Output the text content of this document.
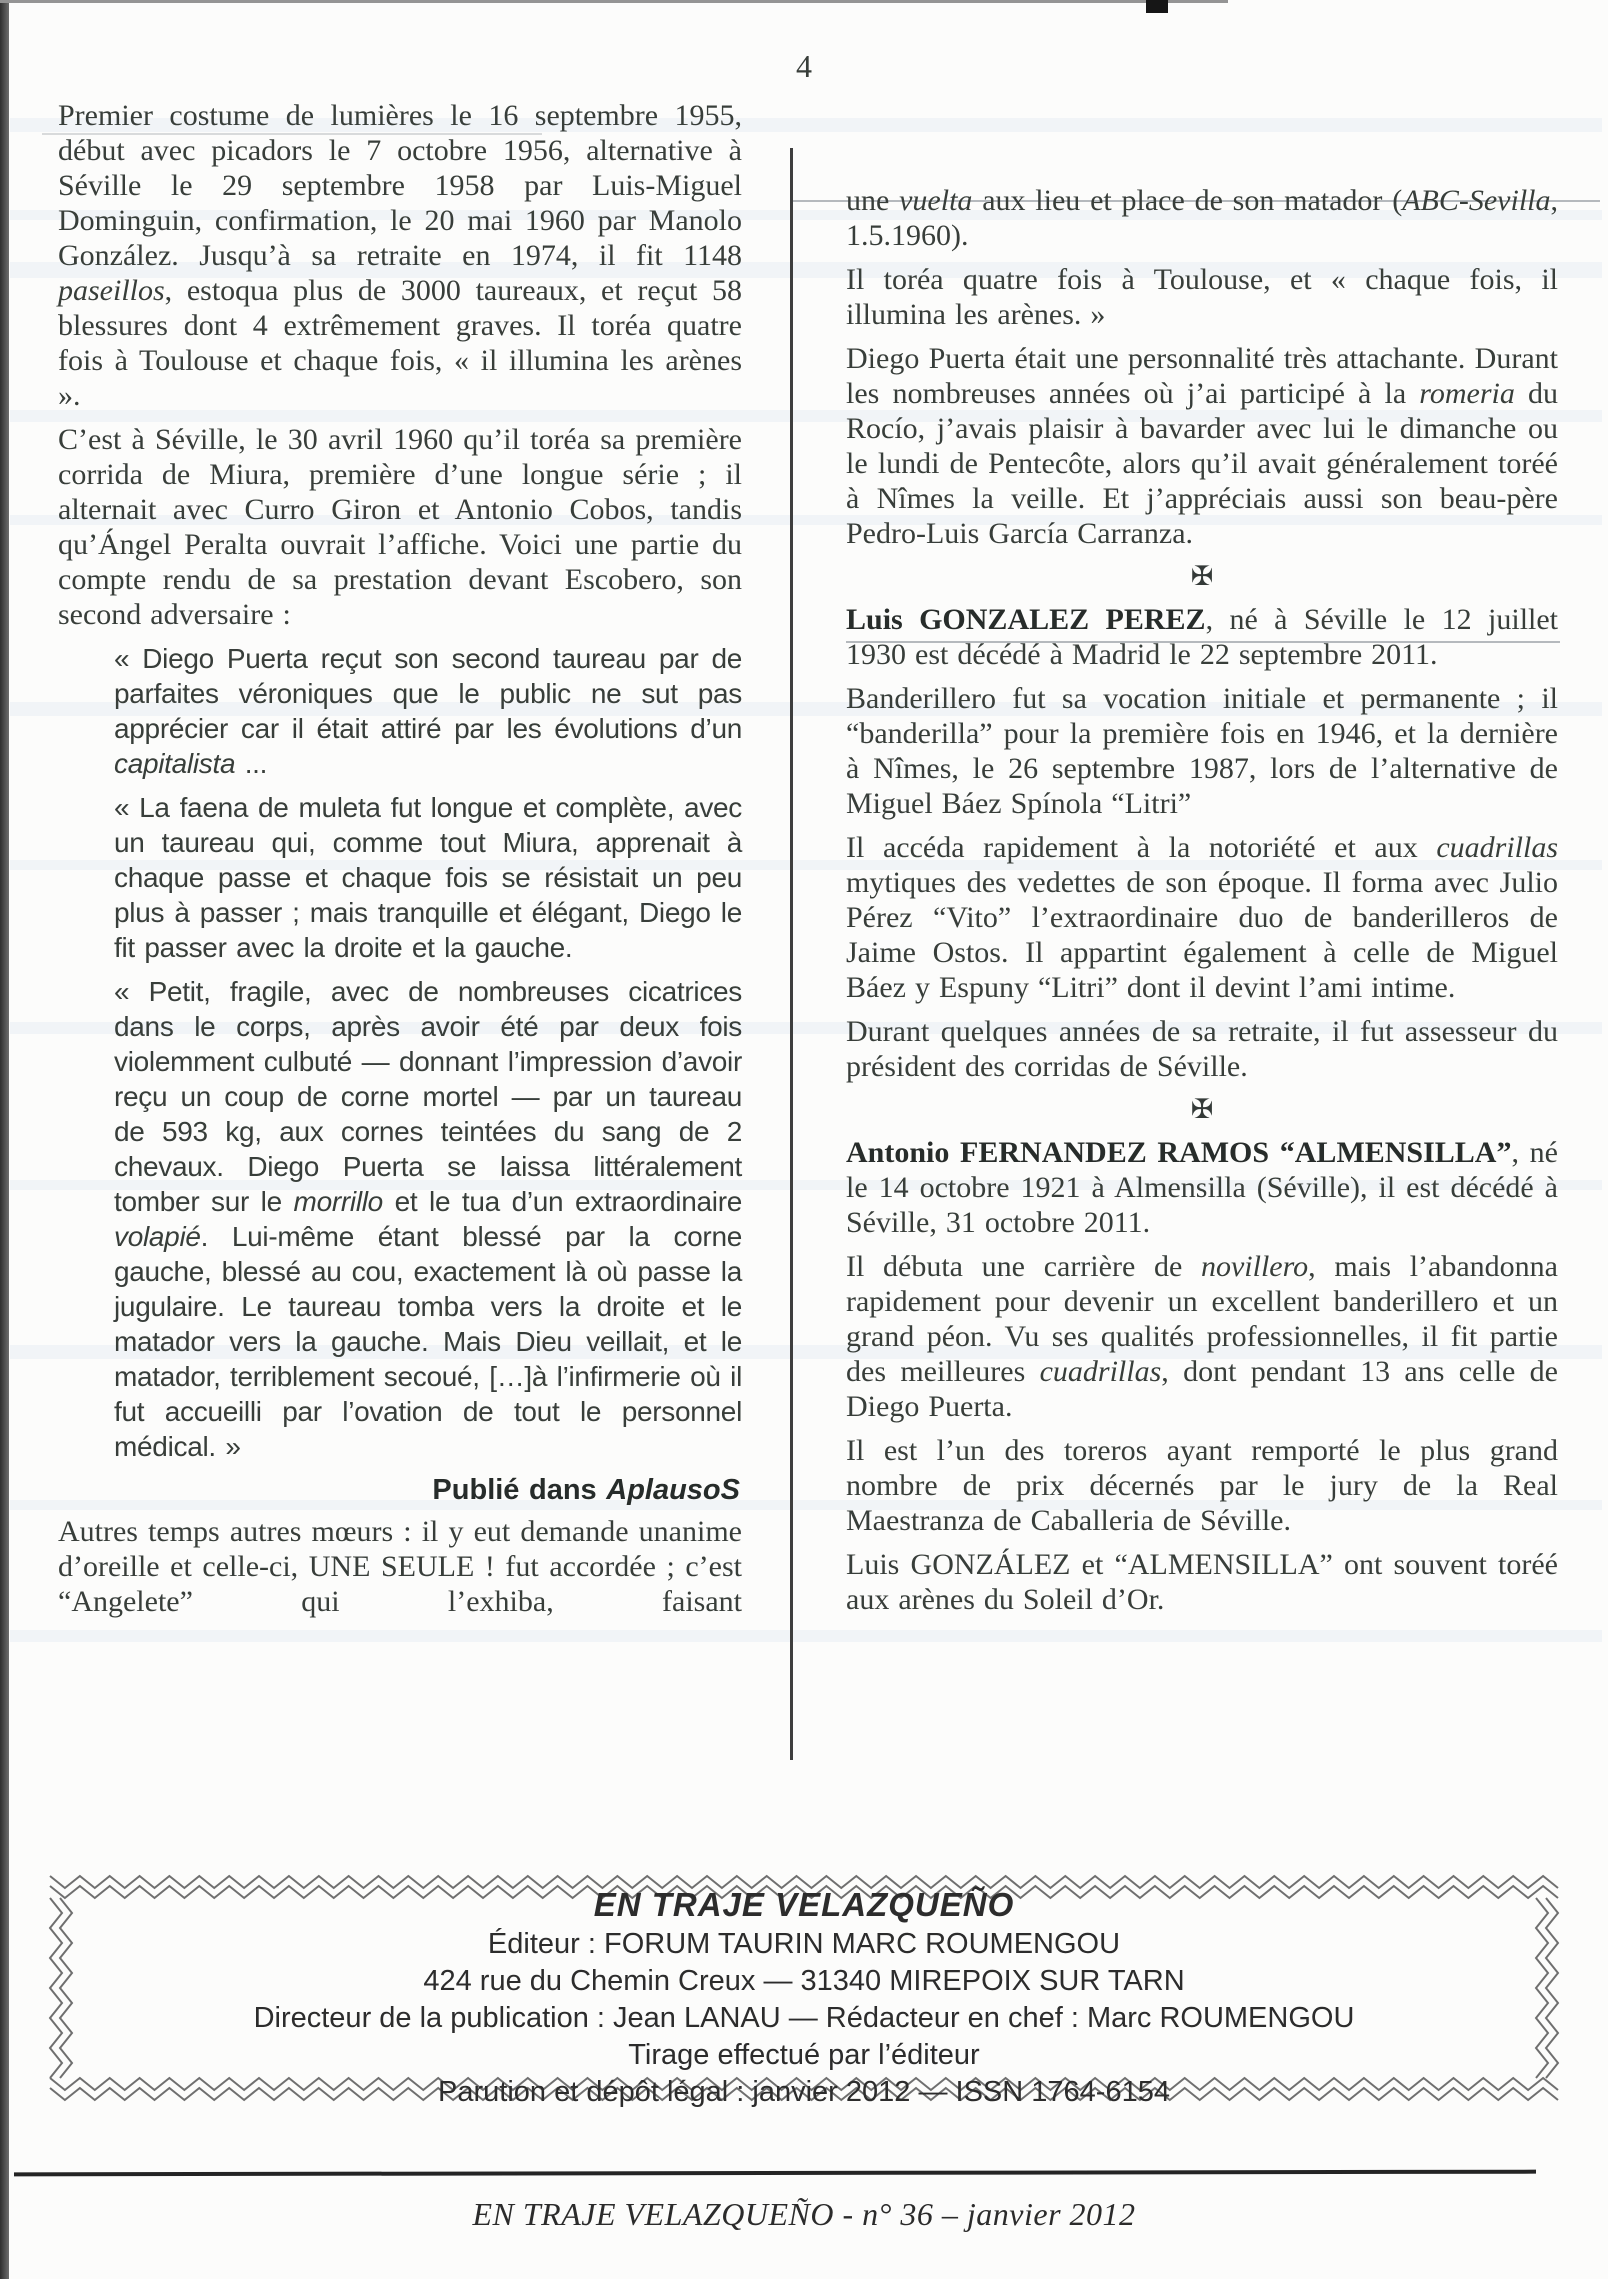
4

Premier costume de lumières le 16 septembre 1955, début avec picadors le 7 octobre 1956, alternative à Séville le 29 septembre 1958 par Luis-Miguel Dominguin, confirmation, le 20 mai 1960 par Manolo González. Jusqu’à sa retraite en 1974, il fit 1148 paseillos, estoqua plus de 3000 taureaux, et reçut 58 blessures dont 4 extrêmement graves. Il toréa quatre fois à Toulouse et chaque fois, « il illumina les arènes ».

C’est à Séville, le 30 avril 1960 qu’il toréa sa première corrida de Miura, première d’une longue série ; il alternait avec Curro Giron et Antonio Cobos, tandis qu’Ángel Peralta ouvrait l’affiche. Voici une partie du compte rendu de sa prestation devant Escobero, son second adversaire :

« Diego Puerta reçut son second taureau par de parfaites véroniques que le public ne sut pas apprécier car il était attiré par les évolutions d’un capitalista ...

« La faena de muleta fut longue et complète, avec un taureau qui, comme tout Miura, apprenait à chaque passe et chaque fois se résistait un peu plus à passer ; mais tranquille et élégant, Diego le fit passer avec la droite et la gauche.

« Petit, fragile, avec de nombreuses cicatrices dans le corps, après avoir été par deux fois violemment culbuté — donnant l’impression d’avoir reçu un coup de corne mortel — par un taureau de 593 kg, aux cornes teintées du sang de 2 chevaux. Diego Puerta se laissa littéralement tomber sur le morrillo et le tua d’un extraordinaire volapié. Lui-même étant blessé par la corne gauche, blessé au cou, exactement là où passe la jugulaire. Le taureau tomba vers la droite et le matador vers la gauche. Mais Dieu veillait, et le matador, terriblement secoué, […]à l’infirmerie où il fut accueilli par l’ovation de tout le personnel médical. »

Publié dans AplausoS

Autres temps autres mœurs : il y eut demande unanime d’oreille et celle-ci, UNE SEULE ! fut accordée ; c’est “Angelete” qui l’exhiba, faisant

une vuelta aux lieu et place de son matador (ABC-Sevilla, 1.5.1960).

Il toréa quatre fois à Toulouse, et « chaque fois, il illumina les arènes. »

Diego Puerta était une personnalité très attachante. Durant les nombreuses années où j’ai participé à la romeria du Rocío, j’avais plaisir à bavarder avec lui le dimanche ou le lundi de Pentecôte, alors qu’il avait généralement toréé à Nîmes la veille. Et j’appréciais aussi son beau-père Pedro-Luis García Carranza.

✠

Luis GONZALEZ PEREZ, né à Séville le 12 juillet 1930 est décédé à Madrid le 22 septembre 2011.

Banderillero fut sa vocation initiale et permanente ; il “banderilla” pour la première fois en 1946, et la dernière à Nîmes, le 26 septembre 1987, lors de l’alternative de Miguel Báez Spínola “Litri”

Il accéda rapidement à la notoriété et aux cuadrillas mytiques des vedettes de son époque. Il forma avec Julio Pérez “Vito” l’extraordinaire duo de banderilleros de Jaime Ostos. Il appartint également à celle de Miguel Báez y Espuny “Litri” dont il devint l’ami intime.

Durant quelques années de sa retraite, il fut assesseur du président des corridas de Séville.

✠

Antonio FERNANDEZ RAMOS “ALMENSILLA”, né le 14 octobre 1921 à Almensilla (Séville), il est décédé à Séville, 31 octobre 2011.

Il débuta une carrière de novillero, mais l’abandonna rapidement pour devenir un excellent banderillero et un grand péon. Vu ses qualités professionnelles, il fit partie des meilleures cuadrillas, dont pendant 13 ans celle de Diego Puerta.

Il est l’un des toreros ayant remporté le plus grand nombre de prix décernés par le jury de la Real Maestranza de Caballeria de Séville.

Luis GONZÁLEZ et “ALMENSILLA” ont souvent toréé aux arènes du Soleil d’Or.

EN TRAJE VELAZQUEÑO
Éditeur : FORUM TAURIN MARC ROUMENGOU
424 rue du Chemin Creux — 31340 MIREPOIX SUR TARN
Directeur de la publication : Jean LANAU — Rédacteur en chef : Marc ROUMENGOU
Tirage effectué par l’éditeur
Parution et dépôt légal : janvier 2012 — ISSN 1764-6154
EN TRAJE VELAZQUEÑO - n° 36 – janvier 2012
